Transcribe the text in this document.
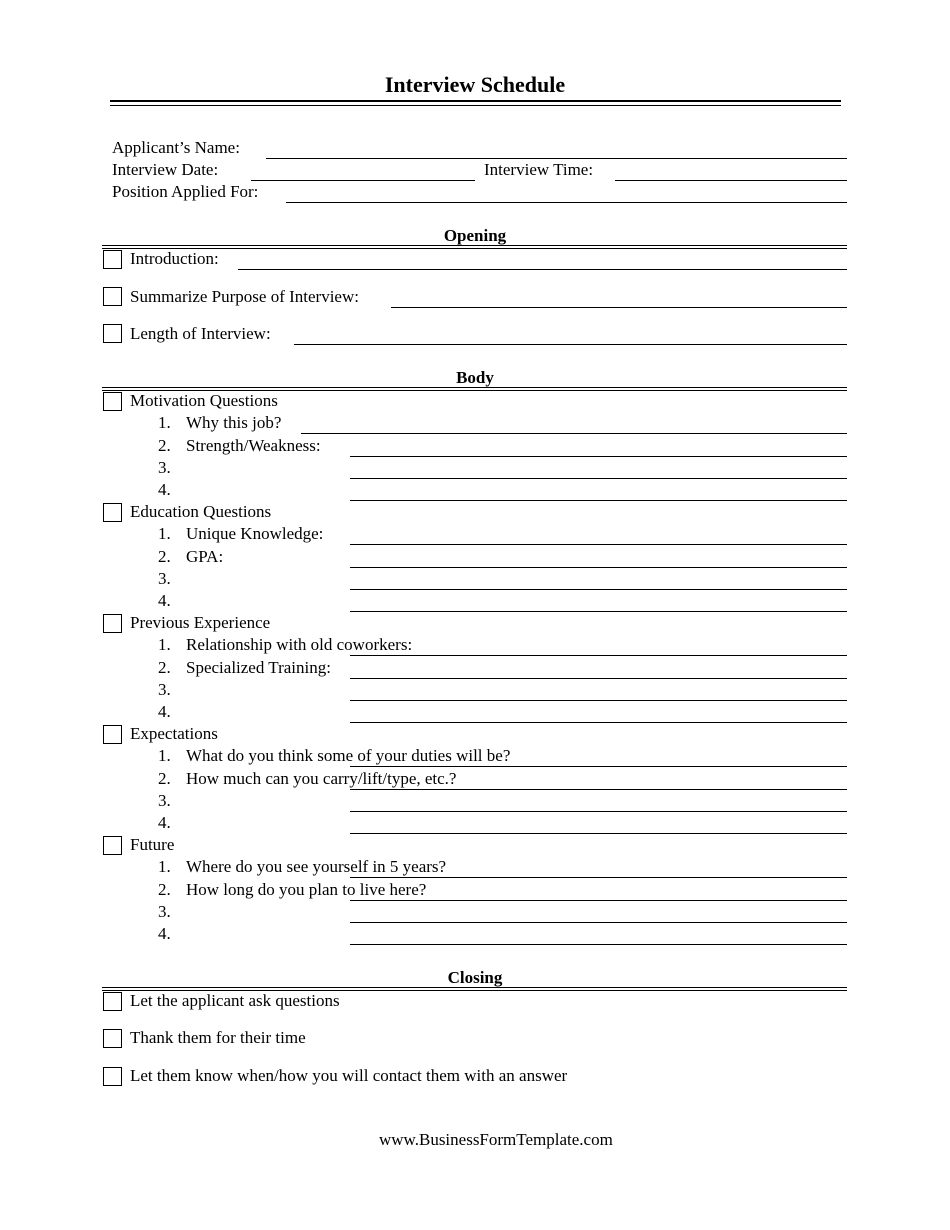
Interview Schedule
Applicant’s Name:
Interview Date:	Interview Time:
Position Applied For:
Opening
Introduction:
Summarize Purpose of Interview:
Length of Interview:
Body
Motivation Questions
1. Why this job?
2. Strength/Weakness:
3.
4.
Education Questions
1. Unique Knowledge:
2. GPA:
3.
4.
Previous Experience
1. Relationship with old coworkers:
2. Specialized Training:
3.
4.
Expectations
1. What do you think some of your duties will be?
2. How much can you carry/lift/type, etc.?
3.
4.
Future
1. Where do you see yourself in 5 years?
2. How long do you plan to live here?
3.
4.
Closing
Let the applicant ask questions
Thank them for their time
Let them know when/how you will contact them with an answer
www.BusinessFormTemplate.com
